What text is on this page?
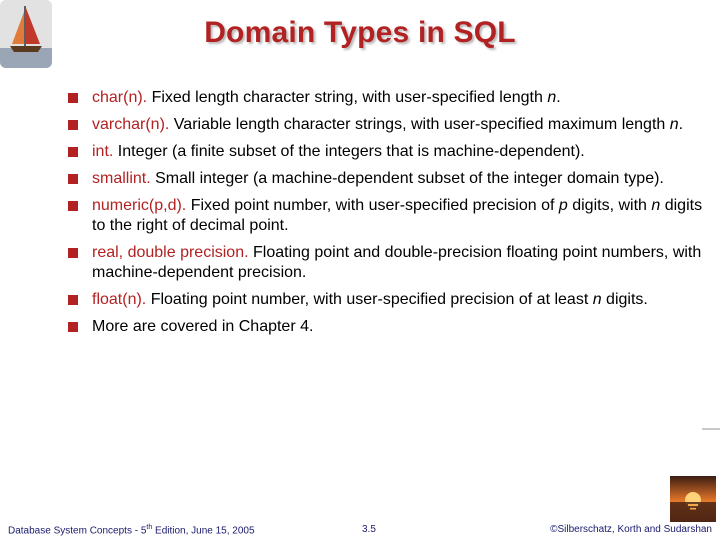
Domain Types in SQL
char(n). Fixed length character string, with user-specified length n.
varchar(n). Variable length character strings, with user-specified maximum length n.
int. Integer (a finite subset of the integers that is machine-dependent).
smallint. Small integer (a machine-dependent subset of the integer domain type).
numeric(p,d). Fixed point number, with user-specified precision of p digits, with n digits to the right of decimal point.
real, double precision. Floating point and double-precision floating point numbers, with machine-dependent precision.
float(n). Floating point number, with user-specified precision of at least n digits.
More are covered in Chapter 4.
Database System Concepts - 5th Edition, June 15, 2005	3.5	©Silberschatz, Korth and Sudarshan
